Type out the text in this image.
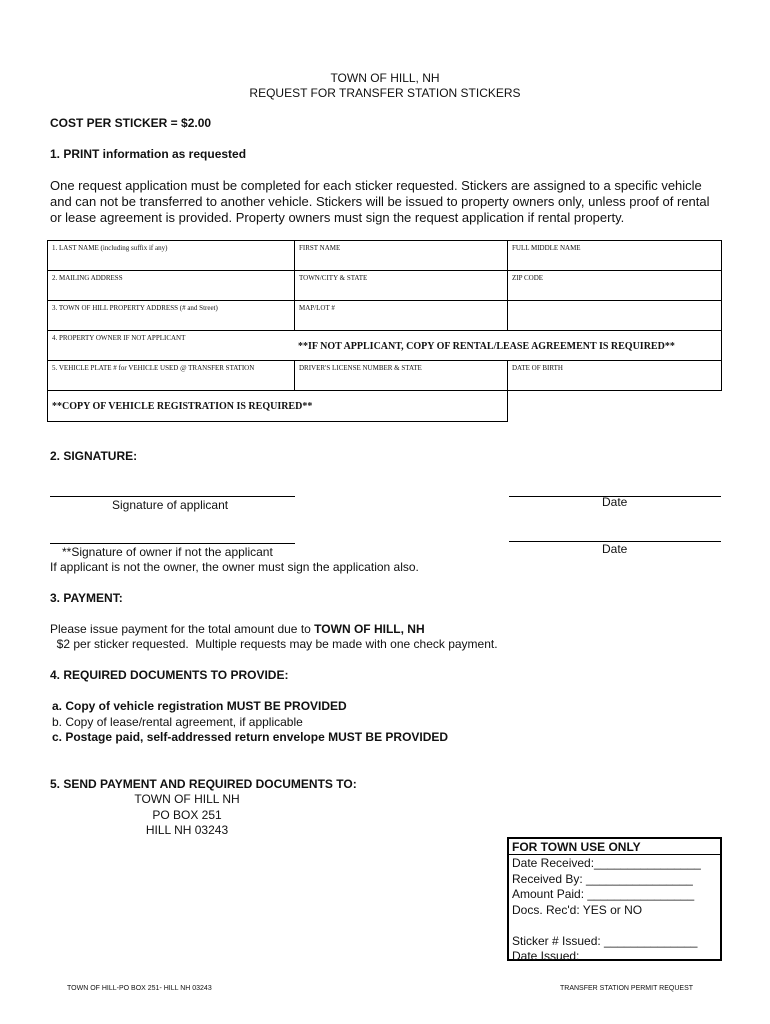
TOWN OF HILL, NH
REQUEST FOR TRANSFER STATION STICKERS
COST PER STICKER = $2.00
1. PRINT information as requested
One request application must be completed for each sticker requested. Stickers are assigned to a specific vehicle
and can not be transferred to another vehicle. Stickers will be issued to property owners only, unless proof of rental
or lease agreement is provided. Property owners must sign the request application if rental property.
1. LAST NAME (including suffix if any)	FIRST NAME	FULL MIDDLE NAME
2. MAILING ADDRESS	TOWN/CITY & STATE	ZIP CODE
3. TOWN OF HILL PROPERTY ADDRESS (# and Street)	MAP/LOT #
4. PROPERTY OWNER IF NOT APPLICANT
**IF NOT APPLICANT, COPY OF RENTAL/LEASE AGREEMENT IS REQUIRED**
5. VEHICLE PLATE # for VEHICLE USED @ TRANSFER STATION	DRIVER'S LICENSE NUMBER & STATE	DATE OF BIRTH
**COPY OF VEHICLE REGISTRATION IS REQUIRED**
2. SIGNATURE:
Signature of applicant	Date
**Signature of owner if not the applicant	Date
If applicant is not the owner, the owner must sign the application also.
3. PAYMENT:
Please issue payment for the total amount due to TOWN OF HILL, NH
$2 per sticker requested.  Multiple requests may be made with one check payment.
4. REQUIRED DOCUMENTS TO PROVIDE:
a. Copy of vehicle registration MUST BE PROVIDED
b. Copy of lease/rental agreement, if applicable
c. Postage paid, self-addressed return envelope MUST BE PROVIDED
5. SEND PAYMENT AND REQUIRED DOCUMENTS TO:
TOWN OF HILL NH
PO BOX 251
HILL NH 03243
FOR TOWN USE ONLY
Date Received:________________
Received By: ________________
Amount Paid: ________________
Docs. Rec'd: YES or NO
Sticker # Issued: ______________
Date Issued:
TOWN OF HILL-PO BOX 251- HILL NH 03243	TRANSFER STATION PERMIT REQUEST
